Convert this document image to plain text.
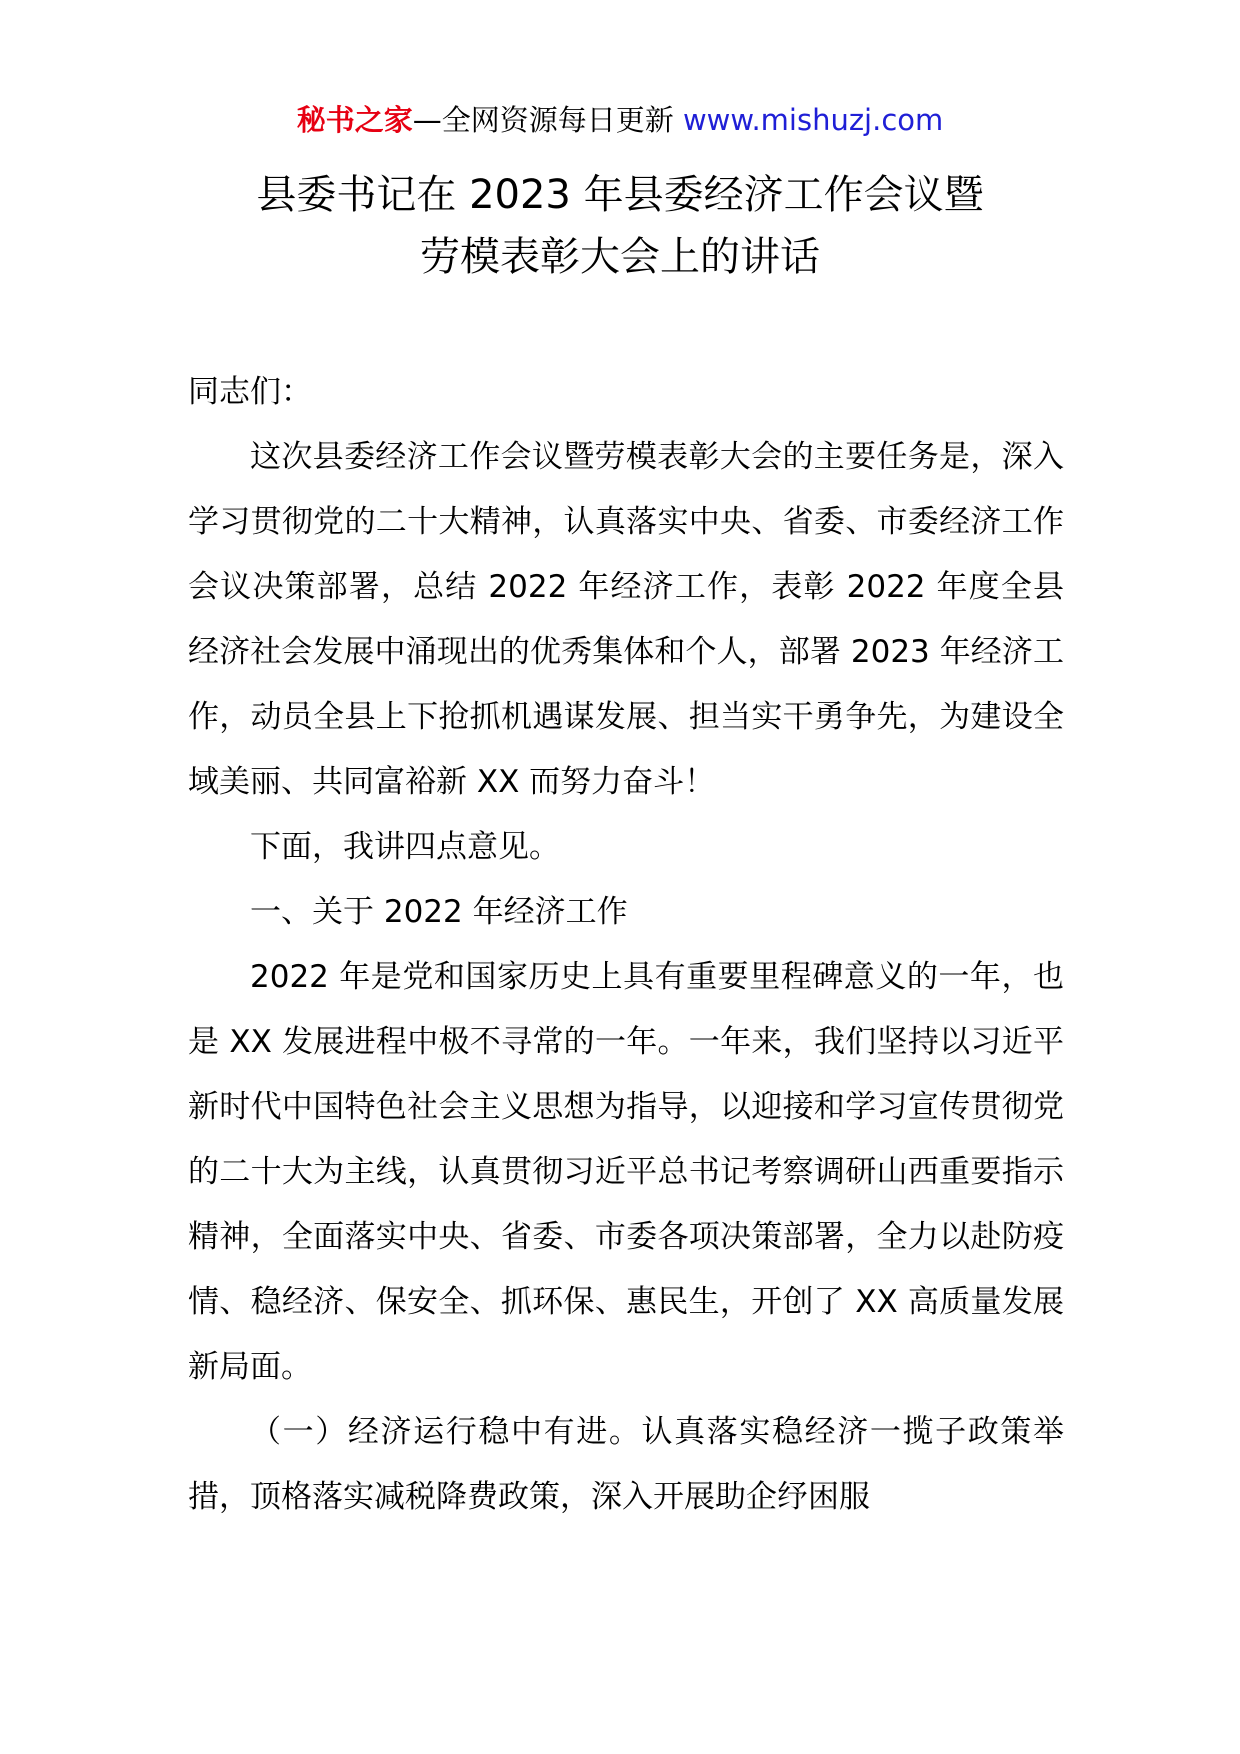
秘书之家—全网资源每日更新 www.mishuzj.com
县委书记在 2023 年县委经济工作会议暨
劳模表彰大会上的讲话

同志们：

这次县委经济工作会议暨劳模表彰大会的主要任务是，深入学习贯彻党的二十大精神，认真落实中央、省委、市委经济工作会议决策部署，总结 2022 年经济工作，表彰 2022 年度全县经济社会发展中涌现出的优秀集体和个人，部署 2023 年经济工作，动员全县上下抢抓机遇谋发展、担当实干勇争先，为建设全域美丽、共同富裕新 XX 而努力奋斗！

下面，我讲四点意见。

一、关于 2022 年经济工作

2022 年是党和国家历史上具有重要里程碑意义的一年，也是 XX 发展进程中极不寻常的一年。一年来，我们坚持以习近平新时代中国特色社会主义思想为指导，以迎接和学习宣传贯彻党的二十大为主线，认真贯彻习近平总书记考察调研山西重要指示精神，全面落实中央、省委、市委各项决策部署，全力以赴防疫情、稳经济、保安全、抓环保、惠民生，开创了 XX 高质量发展新局面。

（一）经济运行稳中有进。认真落实稳经济一揽子政策举措，顶格落实减税降费政策，深入开展助企纾困服
